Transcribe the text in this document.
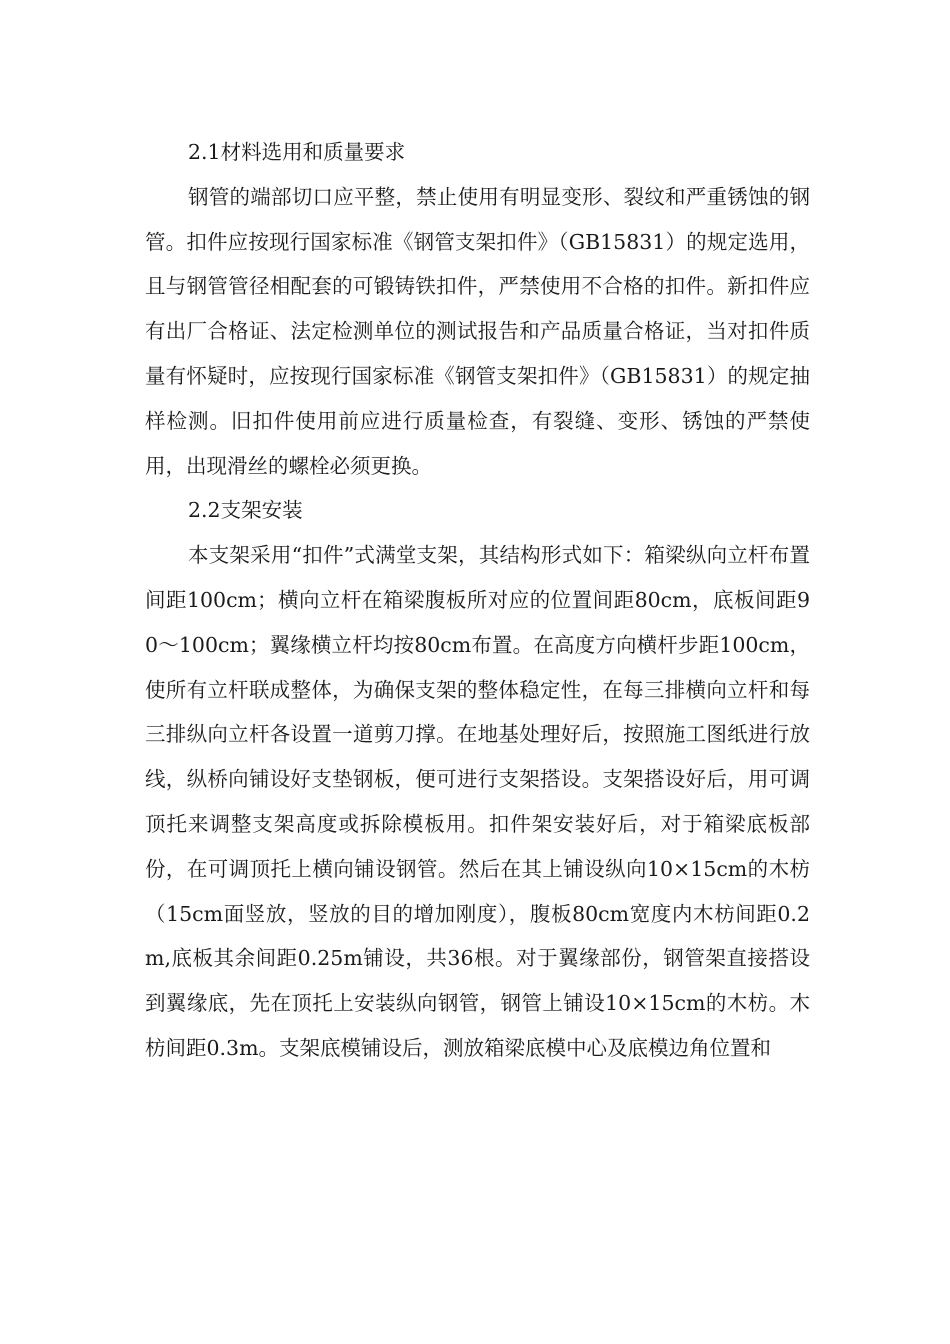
2.1材料选用和质量要求

钢管的端部切口应平整，禁止使用有明显变形、裂纹和严重锈蚀的钢管。扣件应按现行国家标准《钢管支架扣件》（GB15831）的规定选用，且与钢管管径相配套的可锻铸铁扣件，严禁使用不合格的扣件。新扣件应有出厂合格证、法定检测单位的测试报告和产品质量合格证，当对扣件质量有怀疑时，应按现行国家标准《钢管支架扣件》（GB15831）的规定抽样检测。旧扣件使用前应进行质量检查，有裂缝、变形、锈蚀的严禁使用，出现滑丝的螺栓必须更换。

2.2支架安装

本支架采用“扣件”式满堂支架，其结构形式如下：箱梁纵向立杆布置间距100cm；横向立杆在箱梁腹板所对应的位置间距80cm，底板间距90～100cm；翼缘横立杆均按80cm布置。在高度方向横杆步距100cm，使所有立杆联成整体，为确保支架的整体稳定性，在每三排横向立杆和每三排纵向立杆各设置一道剪刀撑。在地基处理好后，按照施工图纸进行放线，纵桥向铺设好支垫钢板，便可进行支架搭设。支架搭设好后，用可调顶托来调整支架高度或拆除模板用。扣件架安装好后，对于箱梁底板部份，在可调顶托上横向铺设钢管。然后在其上铺设纵向10×15cm的木枋（15cm面竖放，竖放的目的增加刚度），腹板80cm宽度内木枋间距0.2m,底板其余间距0.25m铺设，共36根。对于翼缘部份，钢管架直接搭设到翼缘底，先在顶托上安装纵向钢管，钢管上铺设10×15cm的木枋。木枋间距0.3m。支架底模铺设后，测放箱梁底模中心及底模边角位置和
